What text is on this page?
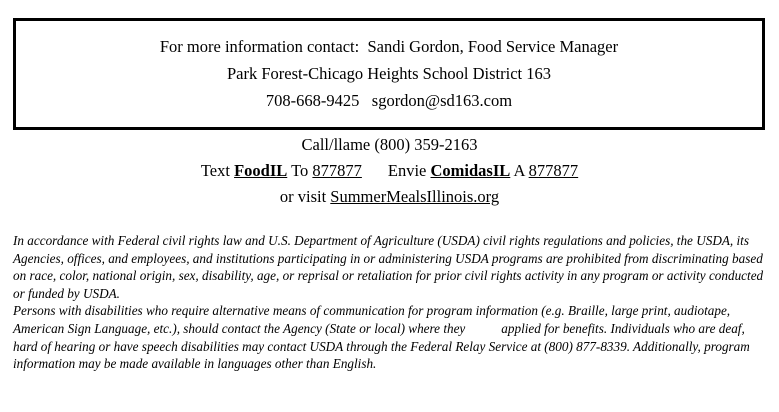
For more information contact:  Sandi Gordon, Food Service Manager
Park Forest-Chicago Heights School District 163
708-668-9425   sgordon@sd163.com
Call/llame (800) 359-2163
Text FoodIL To 877877 Envie ComidasIL A 877877
or visit SummerMealsIllinois.org

In accordance with Federal civil rights law and U.S. Department of Agriculture (USDA) civil rights regulations and policies, the USDA, its Agencies, offices, and employees, and institutions participating in or administering USDA programs are prohibited from discriminating based on race, color, national origin, sex, disability, age, or reprisal or retaliation for prior civil rights activity in any program or activity conducted or funded by USDA.

Persons with disabilities who require alternative means of communication for program information (e.g. Braille, large print, audiotape, American Sign Language, etc.), should contact the Agency (State or local) where they	applied for benefits. Individuals who are deaf, hard of hearing or have speech disabilities may contact USDA through the Federal Relay Service at (800) 877-8339. Additionally, program information may be made available in languages other than English.
